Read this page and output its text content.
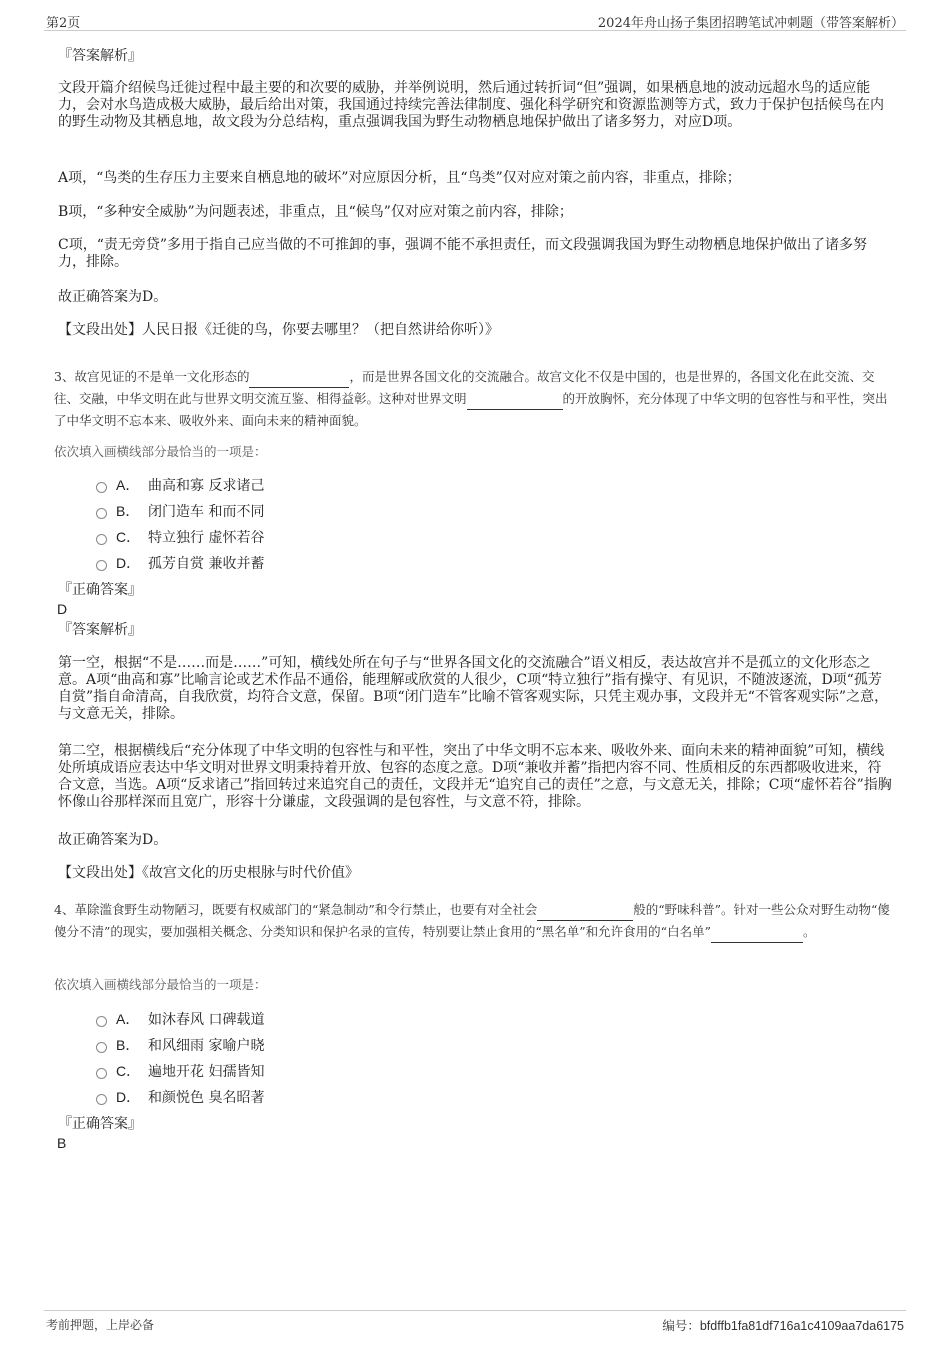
第2页	2024年舟山扬子集团招聘笔试冲刺题（带答案解析）
『答案解析』
文段开篇介绍候鸟迁徙过程中最主要的和次要的威胁，并举例说明，然后通过转折词“但”强调，如果栖息地的波动远超水鸟的适应能力，会对水鸟造成极大威胁，最后给出对策，我国通过持续完善法律制度、强化科学研究和资源监测等方式，致力于保护包括候鸟在内的野生动物及其栖息地，故文段为分总结构，重点强调我国为野生动物栖息地保护做出了诸多努力，对应D项。
A项，“鸟类的生存压力主要来自栖息地的破坏”对应原因分析，且“鸟类”仅对应对策之前内容，非重点，排除；
B项，“多种安全威胁”为问题表述，非重点，且“候鸟”仅对应对策之前内容，排除；
C项，“责无旁贷”多用于指自己应当做的不可推卸的事，强调不能不承担责任，而文段强调我国为野生动物栖息地保护做出了诸多努力，排除。
故正确答案为D。
【文段出处】人民日报《迁徙的鸟，你要去哪里？（把自然讲给你听）》
3、故宫见证的不是单一文化形态的	，而是世界各国文化的交流融合。故宫文化不仅是中国的，也是世界的，各国文化在此交流、交往、交融，中华文明在此与世界文明交流互鉴、相得益彰。这种对世界文明	的开放胸怀，充分体现了中华文明的包容性与和平性，突出了中华文明不忘本来、吸收外来、面向未来的精神面貌。
依次填入画横线部分最恰当的一项是：
A． 曲高和寡 反求诸己
B． 闭门造车 和而不同
C． 特立独行 虚怀若谷
D． 孤芳自赏 兼收并蓄
『正确答案』
D
『答案解析』
第一空，根据“不是……而是……”可知，横线处所在句子与“世界各国文化的交流融合”语义相反，表达故宫并不是孤立的文化形态之意。A项“曲高和寡”比喻言论或艺术作品不通俗，能理解或欣赏的人很少，C项“特立独行”指有操守、有见识，不随波逐流，D项“孤芳自赏”指自命清高，自我欣赏，均符合文意，保留。B项“闭门造车”比喻不管客观实际，只凭主观办事，文段并无“不管客观实际”之意，与文意无关，排除。
第二空，根据横线后“充分体现了中华文明的包容性与和平性，突出了中华文明不忘本来、吸收外来、面向未来的精神面貌”可知，横线处所填成语应表达中华文明对世界文明秉持着开放、包容的态度之意。D项“兼收并蓄”指把内容不同、性质相反的东西都吸收进来，符合文意，当选。A项“反求诸己”指回转过来追究自己的责任，文段并无“追究自己的责任”之意，与文意无关，排除；C项“虚怀若谷”指胸怀像山谷那样深而且宽广，形容十分谦虚，文段强调的是包容性，与文意不符，排除。
故正确答案为D。
【文段出处】《故宫文化的历史根脉与时代价值》
4、革除滥食野生动物陋习，既要有权威部门的“紧急制动”和令行禁止，也要有对全社会	般的“野味科普”。针对一些公众对野生动物“傻傻分不清”的现实，要加强相关概念、分类知识和保护名录的宣传，特别要让禁止食用的“黑名单”和允许食用的“白名单”	。
依次填入画横线部分最恰当的一项是：
A． 如沐春风 口碑载道
B． 和风细雨 家喻户晓
C． 遍地开花 妇孺皆知
D． 和颜悦色 臭名昭著
『正确答案』
B
考前押题，上岸必备	编号：bfdffb1fa81df716a1c4109aa7da6175
